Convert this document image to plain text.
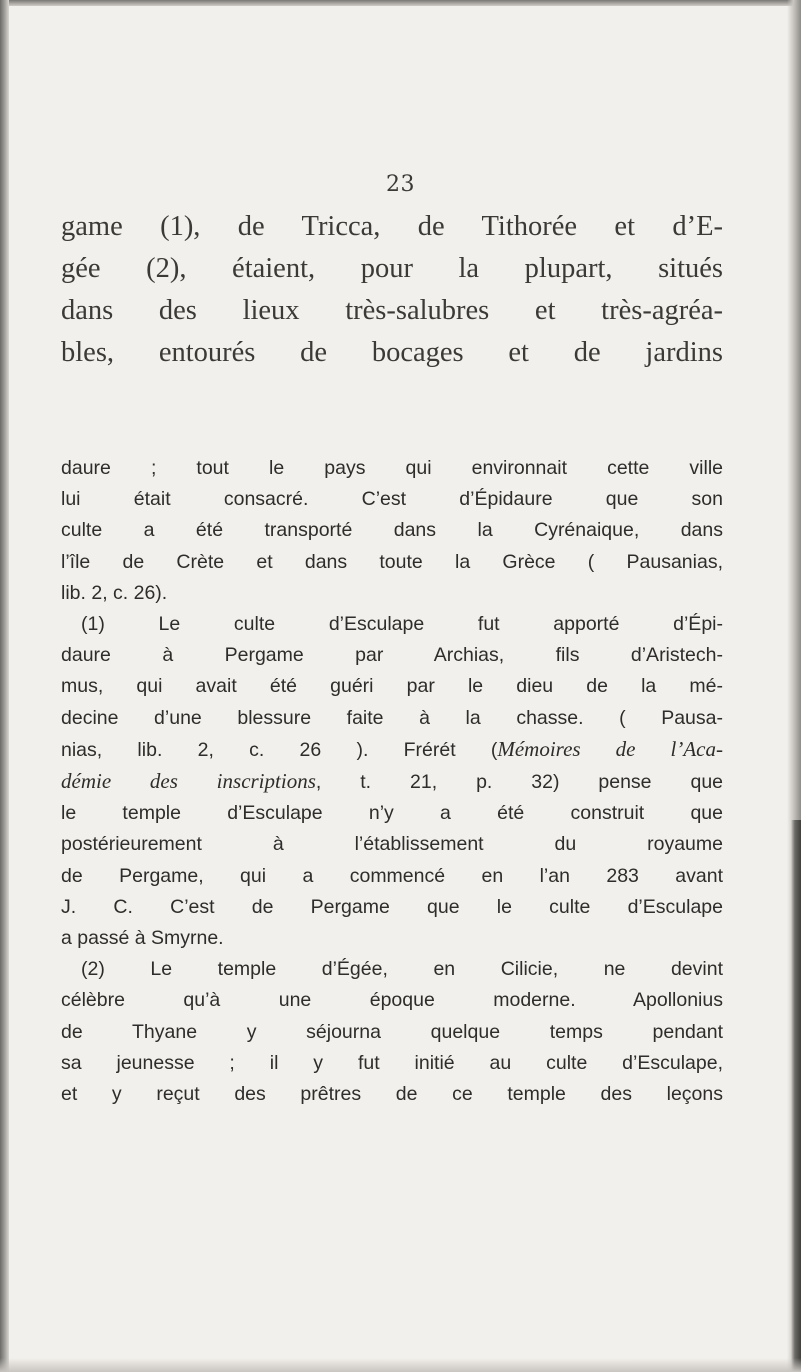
23
game (1), de Tricca, de Tithorée et d’E-
gée (2), étaient, pour la plupart, situés
dans des lieux très-salubres et très-agréa-
bles, entourés de bocages et de jardins
daure ; tout le pays qui environnait cette ville
lui était consacré. C’est d’Épidaure que son
culte a été transporté dans la Cyrénaique, dans
l’île de Crète et dans toute la Grèce ( Pausanias,
lib. 2, c. 26).
(1) Le culte d’Esculape fut apporté d’Épi-
daure à Pergame par Archias, fils d’Aristech-
mus, qui avait été guéri par le dieu de la mé-
decine d’une blessure faite à la chasse. ( Pausa-
nias, lib. 2, c. 26 ). Frérét (Mémoires de l’Aca-
démie des inscriptions, t. 21, p. 32) pense que
le temple d’Esculape n’y a été construit que
postérieurement à l’établissement du royaume
de Pergame, qui a commencé en l’an 283 avant
J. C. C’est de Pergame que le culte d’Esculape
a passé à Smyrne.
(2) Le temple d’Égée, en Cilicie, ne devint
célèbre qu’à une époque moderne. Apollonius
de Thyane y séjourna quelque temps pendant
sa jeunesse ; il y fut initié au culte d’Esculape,
et y reçut des prêtres de ce temple des leçons
